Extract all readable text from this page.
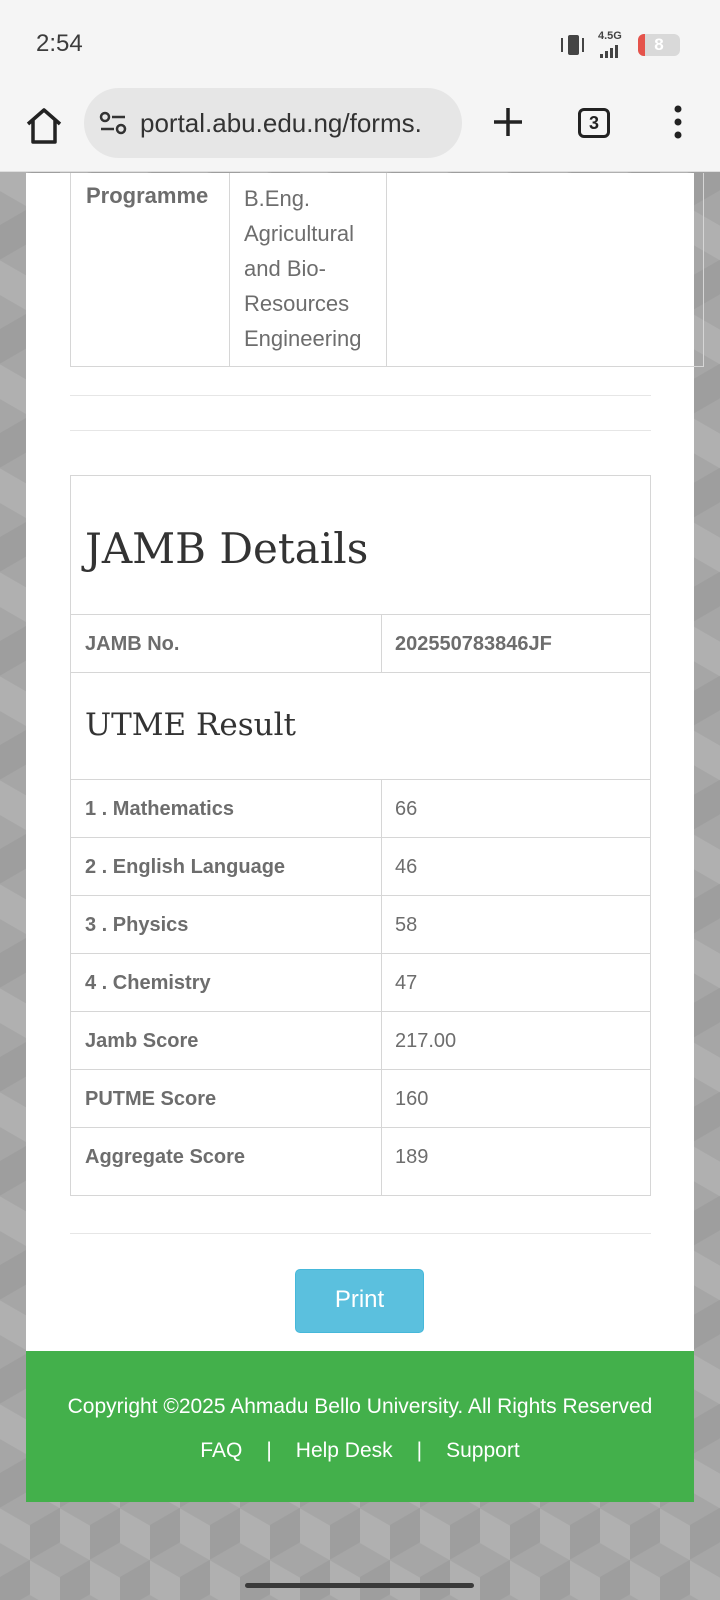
2:54	4.5G	8
portal.abu.edu.ng/forms.	3
Programme B.Eng. Agricultural and Bio-Resources Engineering
JAMB Details
JAMB No.	202550783846JF
UTME Result
1 . Mathematics	66
2 . English Language	46
3 . Physics	58
4 . Chemistry	47
Jamb Score	217.00
PUTME Score	160
Aggregate Score	189
Print
Copyright ©2025 Ahmadu Bello University. All Rights Reserved
FAQ	|	Help Desk	|	Support
